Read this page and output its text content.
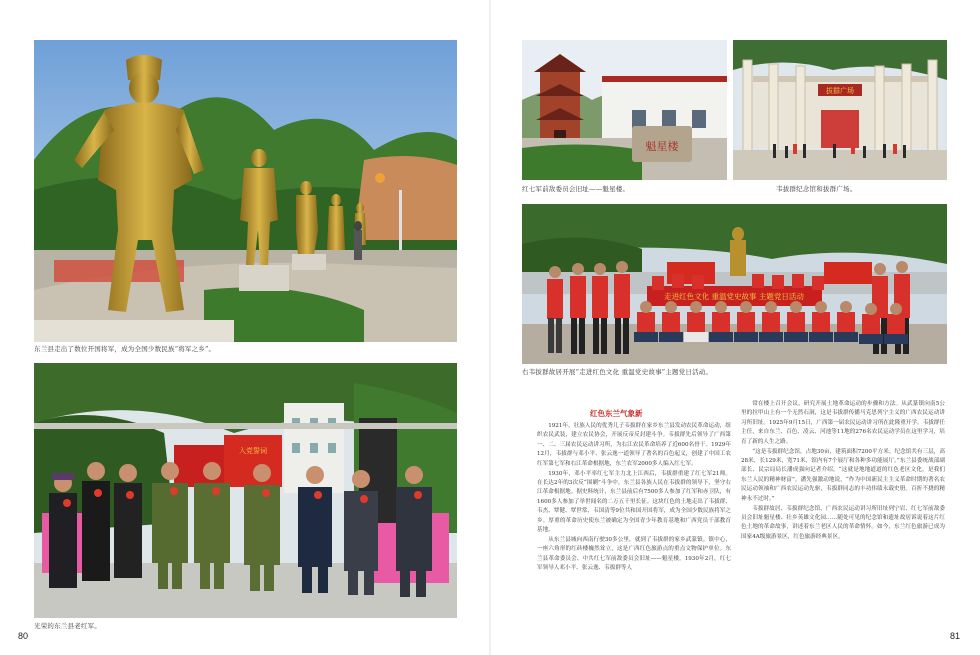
东兰县走出了数位开国将军，成为全国少数民族“将军之乡”。
入党誓词
光荣的东兰县老红军。
80
魁星楼
红七军前敌委员会旧址——魁星楼。
拔群广场
韦拔群纪念馆和拔群广场。
走进红色文化 重温党史故事 主题党日活动
右韦拔群故居开展“走进红色文化 重温党史故事”主题党日活动。
红色东兰气象新

1921年，壮族人民的优秀儿子韦拔群在家乡东兰县发动农民革命运动，组织农民武装，建立农民协会，开展反帝反封建斗争。韦拔群先后领导了广西第一、二、三届农民运动讲习所，为右江农民革命培养了近600名骨干。1929年12月，韦拔群与邓小平、张云逸一道领导了著名的百色起义，创建了中国工农红军第七军和右江革命根据地，东兰农军2000多人编入红七军。

1930年，邓小平率红七军主力北上江西后，韦拔群重建了红七军21师。在长达2年的3次反“围剿”斗争中，东兰县各族人民在韦拔群的领导下，坚守右江革命根据地。据史料统计，东兰县前后有7500多人参加了红军和赤卫队，有1600多人参加了举世闻名的二万五千里长征。这块红色的土地走出了韦拔群、韦杰、覃健、覃世常、韦国清等9位共和国开国将军，成为全国少数民族将军之乡。厚重的革命历史使东兰被确定为全国青少年教育基地和广西党员干部教育基地。

从东兰县城向西南行驶30多公里，就到了韦拔群的家乡武篆镇。镇中心，一座六角形的红砖楼巍然耸立，这是广西红色旅游点的重点文物保护单位。东兰县革命委员会、中共红七军前敌委员会旧址——魁星楼。1930年2月，红七军领导人邓小平、张云逸、韦拔群等人

常在楼上召开会议，研究开展土地革命运动的步骤和方法。从武篆镇向南5公里的拉甲山上有一个无然石洞，这是韦拔群传播马克思列宁主义的广西农民运动讲习所旧址。1925年9月15日，广西第一届农民运动讲习所在此隆重开学。韦拔群任主任，来自东兰、百色、凌云、河池等11地的276名农民运动学员在这里学习，培育了新的人生之路。

“这是韦拔群纪念馆，占地30亩，建筑面积7200平方米。纪念馆共有三层，高28米，长129米，宽71米，馆内有7个展厅和各种多功能展厅。”东兰县委统战部副部长、民宗局局长潘成强向记者介绍，“这就是地地道道的红色老区文化，是我们东兰人民的精神财富”。潘先强激动地说，“作为中国新民主主义革命时期的著名农民运动领袖和广西农民运动先驱，韦拔群同志的丰功伟绩永载史册。百折不挠的精神永不过时。”

韦拔群故居、韦拔群纪念馆、广西农民运动讲习所旧址列宁岩、红七军前敌委员会旧址魁星楼、壮乡英雄文化园……随处可见的纪念馆和遗址故居诉说着这片红色土地的革命故事，讲述着东兰老区人民的革命情怀。如今，东兰红色旅游已成为国家4A级旅游景区，红色旅游经典景区。

81
